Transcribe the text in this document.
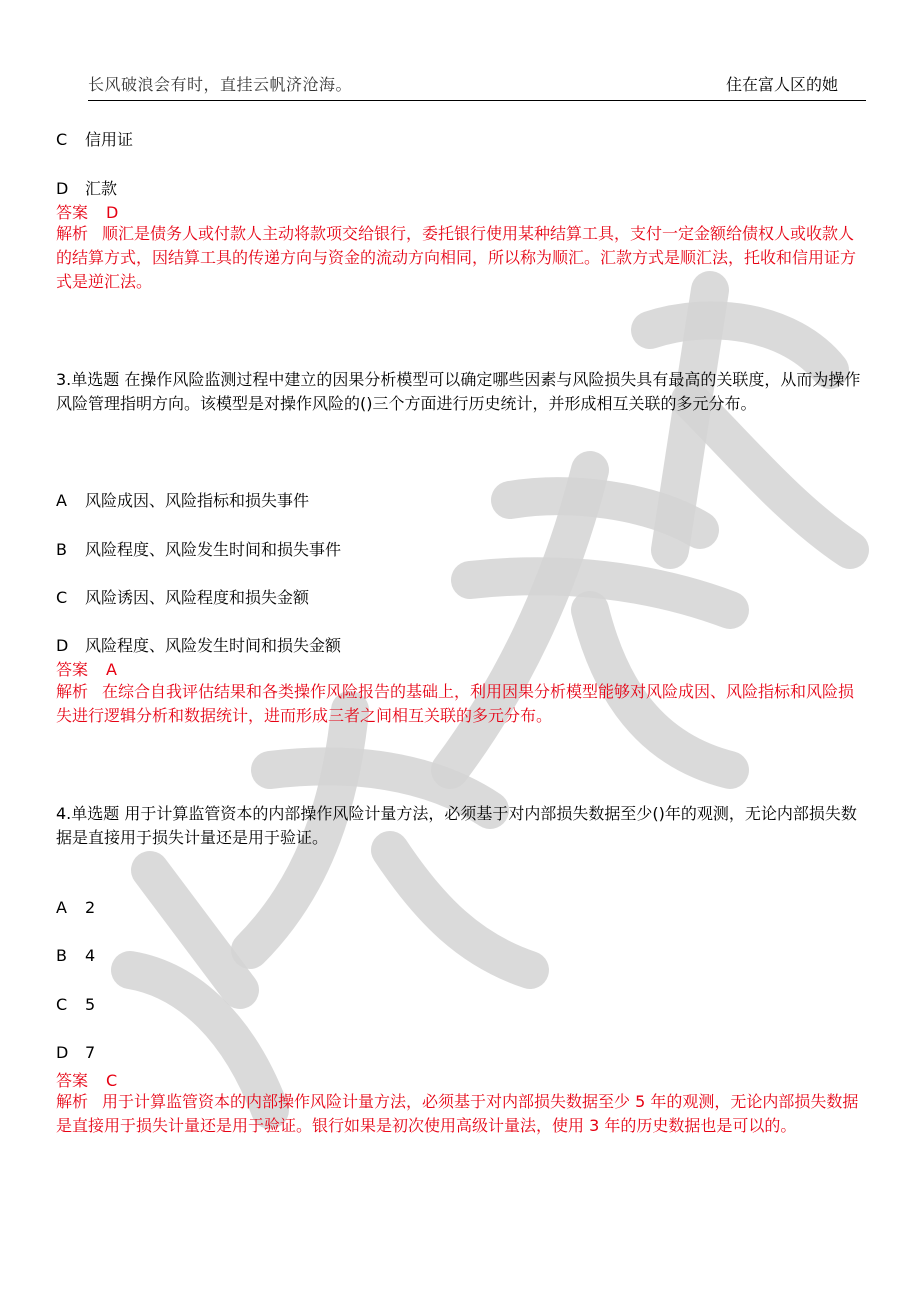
长风破浪会有时，直挂云帆济沧海。	住在富人区的她
C 信用证
D 汇款
答案 D
解析 顺汇是债务人或付款人主动将款项交给银行，委托银行使用某种结算工具，支付一定金额给债权人或收款人的结算方式，因结算工具的传递方向与资金的流动方向相同，所以称为顺汇。汇款方式是顺汇法，托收和信用证方式是逆汇法。
3.单选题 在操作风险监测过程中建立的因果分析模型可以确定哪些因素与风险损失具有最高的关联度，从而为操作风险管理指明方向。该模型是对操作风险的()三个方面进行历史统计，并形成相互关联的多元分布。
A 风险成因、风险指标和损失事件
B 风险程度、风险发生时间和损失事件
C 风险诱因、风险程度和损失金额
D 风险程度、风险发生时间和损失金额
答案 A
解析 在综合自我评估结果和各类操作风险报告的基础上，利用因果分析模型能够对风险成因、风险指标和风险损失进行逻辑分析和数据统计，进而形成三者之间相互关联的多元分布。
4.单选题 用于计算监管资本的内部操作风险计量方法，必须基于对内部损失数据至少()年的观测，无论内部损失数据是直接用于损失计量还是用于验证。
A 2
B 4
C 5
D 7
答案 C
解析 用于计算监管资本的内部操作风险计量方法，必须基于对内部损失数据至少 5 年的观测，无论内部损失数据是直接用于损失计量还是用于验证。银行如果是初次使用高级计量法，使用 3 年的历史数据也是可以的。
